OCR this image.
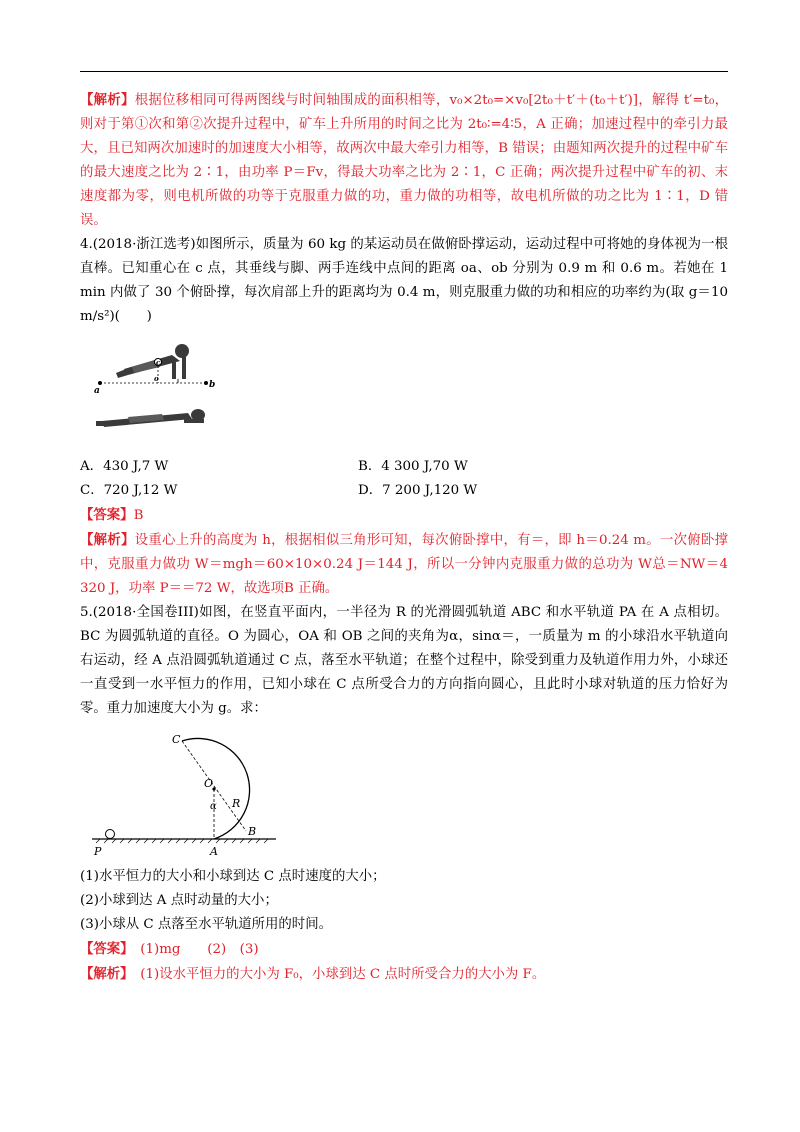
【解析】根据位移相同可得两图线与时间轴围成的面积相等，v₀×2t₀=×v₀[2t₀＋t′＋(t₀＋t′)]，解得 t′=t₀，则对于第①次和第②次提升过程中，矿车上升所用的时间之比为 2t₀∶=4∶5，A 正确；加速过程中的牵引力最大，且已知两次加速时的加速度大小相等，故两次中最大牵引力相等，B 错误；由题知两次提升的过程中矿车的最大速度之比为 2∶1，由功率 P＝Fv，得最大功率之比为 2∶1，C 正确；两次提升过程中矿车的初、末速度都为零，则电机所做的功等于克服重力做的功，重力做的功相等，故电机所做的功之比为 1∶1，D 错误。

4.(2018·浙江选考)如图所示，质量为 60 kg 的某运动员在做俯卧撑运动，运动过程中可将她的身体视为一根直棒。已知重心在 c 点，其垂线与脚、两手连线中点间的距离 oa、ob 分别为 0.9 m 和 0.6 m。若她在 1 min 内做了 30 个俯卧撑，每次肩部上升的距离均为 0.4 m，则克服重力做的功和相应的功率约为(取 g＝10 m/s²)(　　)

a
c
o
b
A．430 J,7 W	B．4 300 J,70 W
C．720 J,12 W	D．7 200 J,120 W

【答案】B

【解析】设重心上升的高度为 h，根据相似三角形可知，每次俯卧撑中，有＝，即 h＝0.24 m。一次俯卧撑中，克服重力做功 W＝mgh＝60×10×0.24 J＝144 J，所以一分钟内克服重力做的总功为 W总＝NW＝4 320 J，功率 P＝＝72 W，故选项B 正确。

5.(2018·全国卷III)如图，在竖直平面内，一半径为 R 的光滑圆弧轨道 ABC 和水平轨道 PA 在 A 点相切。BC 为圆弧轨道的直径。O 为圆心，OA 和 OB 之间的夹角为α，sinα＝，一质量为 m 的小球沿水平轨道向右运动，经 A 点沿圆弧轨道通过 C 点，落至水平轨道；在整个过程中，除受到重力及轨道作用力外，小球还一直受到一水平恒力的作用，已知小球在 C 点所受合力的方向指向圆心，且此时小球对轨道的压力恰好为零。重力加速度大小为 g。求：

C
O
α R
B
P	A

(1)水平恒力的大小和小球到达 C 点时速度的大小；

(2)小球到达 A 点时动量的大小；

(3)小球从 C 点落至水平轨道所用的时间。

【答案】　(1)mg　　(2)　(3)

【解析】　(1)设水平恒力的大小为 F₀，小球到达 C 点时所受合力的大小为 F。
